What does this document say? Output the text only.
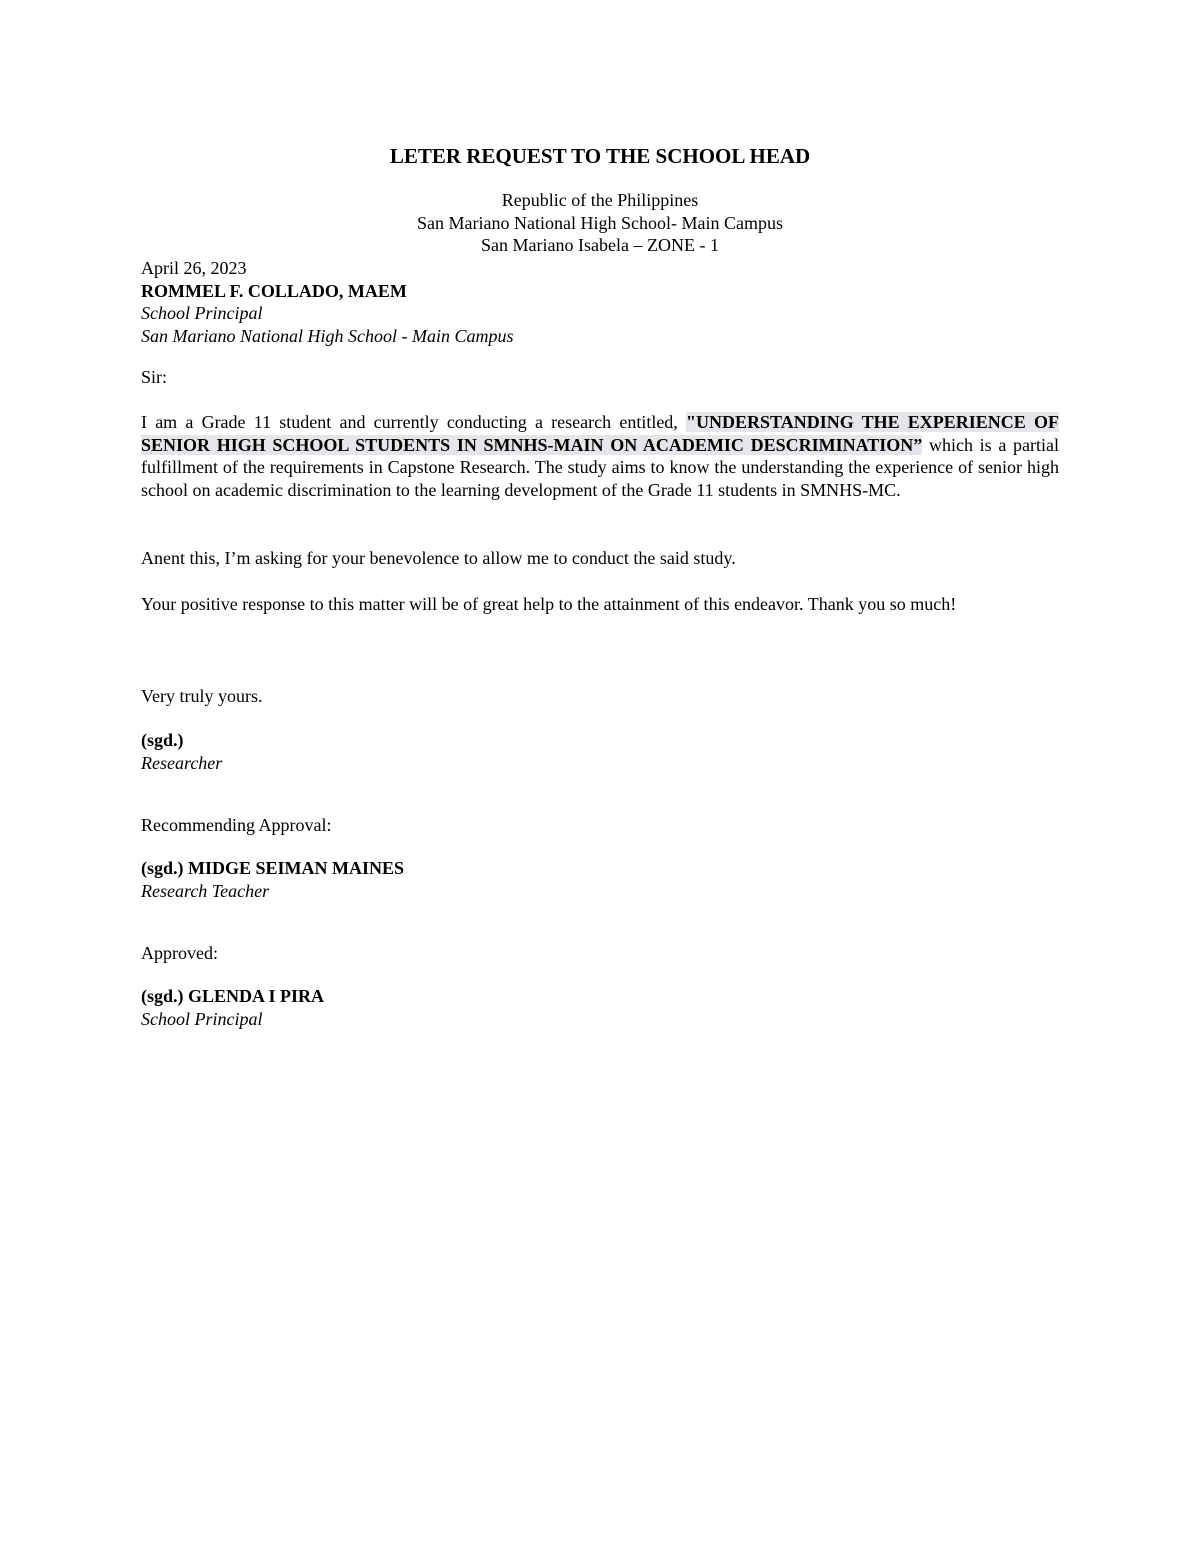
LETER REQUEST TO THE SCHOOL HEAD
Republic of the Philippines
San Mariano National High School- Main Campus
San Mariano Isabela – ZONE - 1
April 26, 2023
ROMMEL F. COLLADO, MAEM
School Principal
San Mariano National High School - Main Campus
Sir:
I am a Grade 11 student and currently conducting a research entitled, "UNDERSTANDING THE EXPERIENCE OF SENIOR HIGH SCHOOL STUDENTS IN SMNHS-MAIN ON ACADEMIC DESCRIMINATION” which is a partial fulfillment of the requirements in Capstone Research. The study aims to know the understanding the experience of senior high school on academic discrimination to the learning development of the Grade 11 students in SMNHS-MC.
Anent this, I’m asking for your benevolence to allow me to conduct the said study.
Your positive response to this matter will be of great help to the attainment of this endeavor. Thank you so much!
Very truly yours.
(sgd.)
Researcher
Recommending Approval:
(sgd.) MIDGE SEIMAN MAINES
Research Teacher
Approved:
(sgd.) GLENDA I PIRA
School Principal
